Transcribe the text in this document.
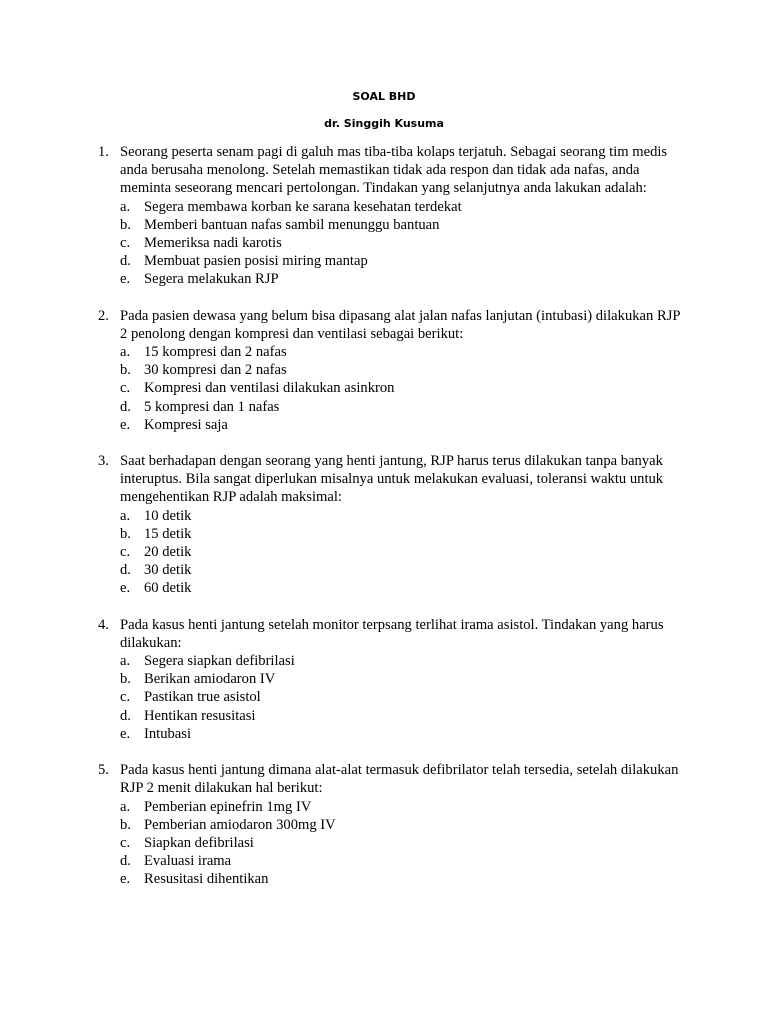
SOAL BHD
dr. Singgih Kusuma
1. Seorang peserta senam pagi di galuh mas tiba-tiba kolaps terjatuh. Sebagai seorang tim medis anda berusaha menolong. Setelah memastikan tidak ada respon dan tidak ada nafas, anda meminta seseorang mencari pertolongan. Tindakan yang selanjutnya anda lakukan adalah:
a. Segera membawa korban ke sarana kesehatan terdekat
b. Memberi bantuan nafas sambil menunggu bantuan
c. Memeriksa nadi karotis
d. Membuat pasien posisi miring mantap
e. Segera melakukan RJP
2. Pada pasien dewasa yang belum bisa dipasang alat jalan nafas lanjutan (intubasi) dilakukan RJP 2 penolong dengan kompresi dan ventilasi sebagai berikut:
a. 15 kompresi dan 2 nafas
b. 30 kompresi dan 2 nafas
c. Kompresi dan ventilasi dilakukan asinkron
d. 5 kompresi dan 1 nafas
e. Kompresi saja
3. Saat berhadapan dengan seorang yang henti jantung, RJP harus terus dilakukan tanpa banyak interuptus. Bila sangat diperlukan misalnya untuk melakukan evaluasi, toleransi waktu untuk mengehentikan RJP adalah maksimal:
a. 10 detik
b. 15 detik
c. 20 detik
d. 30 detik
e. 60 detik
4. Pada kasus henti jantung setelah monitor terpsang terlihat irama asistol. Tindakan yang harus dilakukan:
a. Segera siapkan defibrilasi
b. Berikan amiodaron IV
c. Pastikan true asistol
d. Hentikan resusitasi
e. Intubasi
5. Pada kasus henti jantung dimana alat-alat termasuk defibrilator telah tersedia, setelah dilakukan RJP 2 menit dilakukan hal berikut:
a. Pemberian epinefrin 1mg IV
b. Pemberian amiodaron 300mg IV
c. Siapkan defibrilasi
d. Evaluasi irama
e. Resusitasi dihentikan
